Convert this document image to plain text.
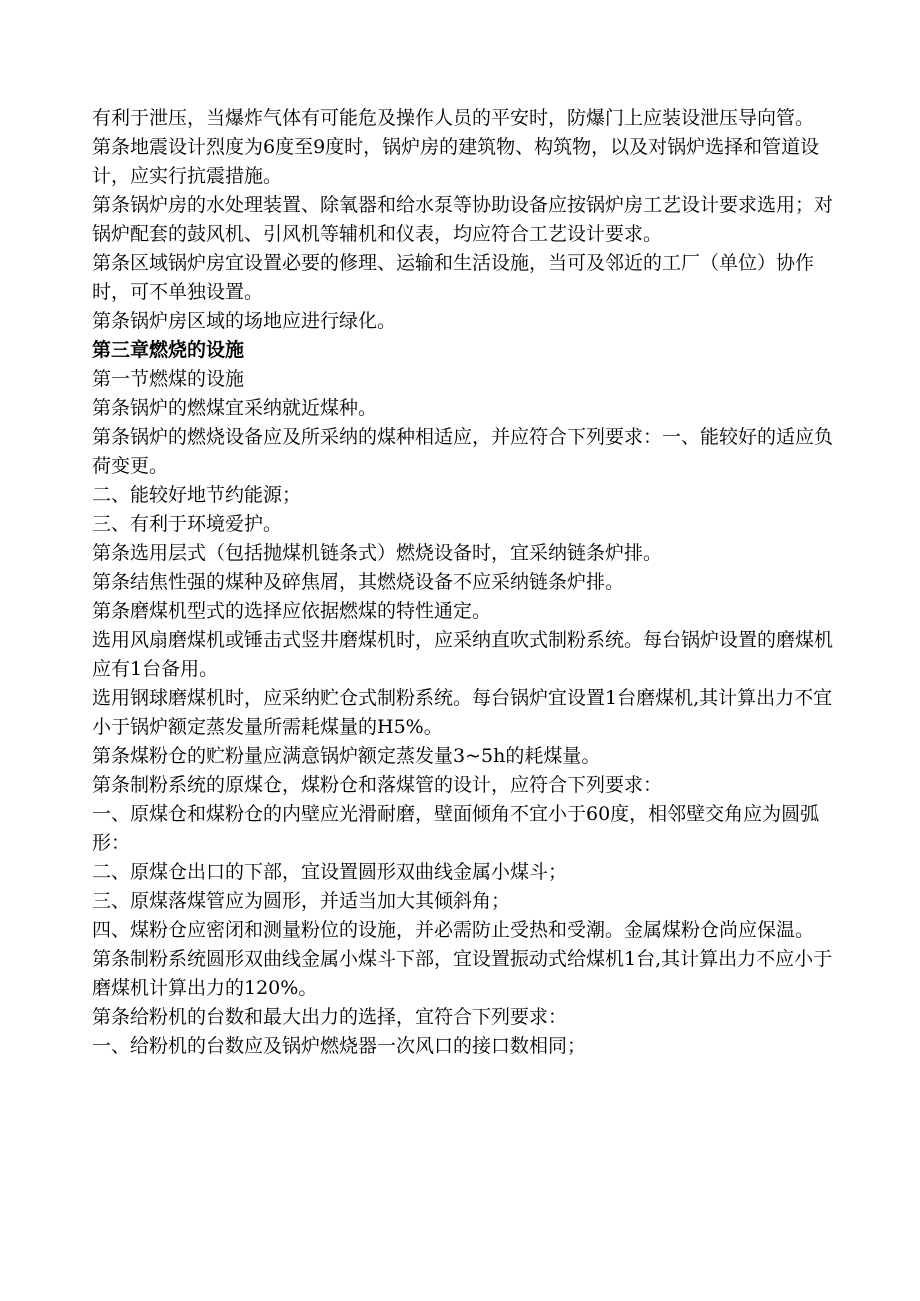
有利于泄压，当爆炸气体有可能危及操作人员的平安时，防爆门上应装设泄压导向管。

第条地震设计烈度为6度至9度时，锅炉房的建筑物、构筑物，以及对锅炉选择和管道设计，应实行抗震措施。

第条锅炉房的水处理装置、除氧器和给水泵等协助设备应按锅炉房工艺设计要求选用；对锅炉配套的鼓风机、引风机等辅机和仪表，均应符合工艺设计要求。

第条区域锅炉房宜设置必要的修理、运输和生活设施，当可及邻近的工厂（单位）协作时，可不单独设置。

第条锅炉房区域的场地应进行绿化。

第三章燃烧的设施

第一节燃煤的设施

第条锅炉的燃煤宜采纳就近煤种。

第条锅炉的燃烧设备应及所采纳的煤种相适应，并应符合下列要求：一、能较好的适应负荷变更。

二、能较好地节约能源；

三、有利于环境爱护。

第条选用层式（包括抛煤机链条式）燃烧设备时，宜采纳链条炉排。

第条结焦性强的煤种及碎焦屑，其燃烧设备不应采纳链条炉排。

第条磨煤机型式的选择应依据燃煤的特性通定。

选用风扇磨煤机或锤击式竖井磨煤机时，应采纳直吹式制粉系统。每台锅炉设置的磨煤机应有1台备用。

选用钢球磨煤机时，应采纳贮仓式制粉系统。每台锅炉宜设置1台磨煤机,其计算出力不宜小于锅炉额定蒸发量所需耗煤量的H5%。

第条煤粉仓的贮粉量应满意锅炉额定蒸发量3~5h的耗煤量。

第条制粉系统的原煤仓，煤粉仓和落煤管的设计，应符合下列要求：

一、原煤仓和煤粉仓的内壁应光滑耐磨，壁面倾角不宜小于60度，相邻壁交角应为圆弧形：

二、原煤仓出口的下部，宜设置圆形双曲线金属小煤斗；

三、原煤落煤管应为圆形，并适当加大其倾斜角；

四、煤粉仓应密闭和测量粉位的设施，并必需防止受热和受潮。金属煤粉仓尚应保温。

第条制粉系统圆形双曲线金属小煤斗下部，宜设置振动式给煤机1台,其计算出力不应小于磨煤机计算出力的120%。

第条给粉机的台数和最大出力的选择，宜符合下列要求：

一、给粉机的台数应及锅炉燃烧器一次风口的接口数相同；
